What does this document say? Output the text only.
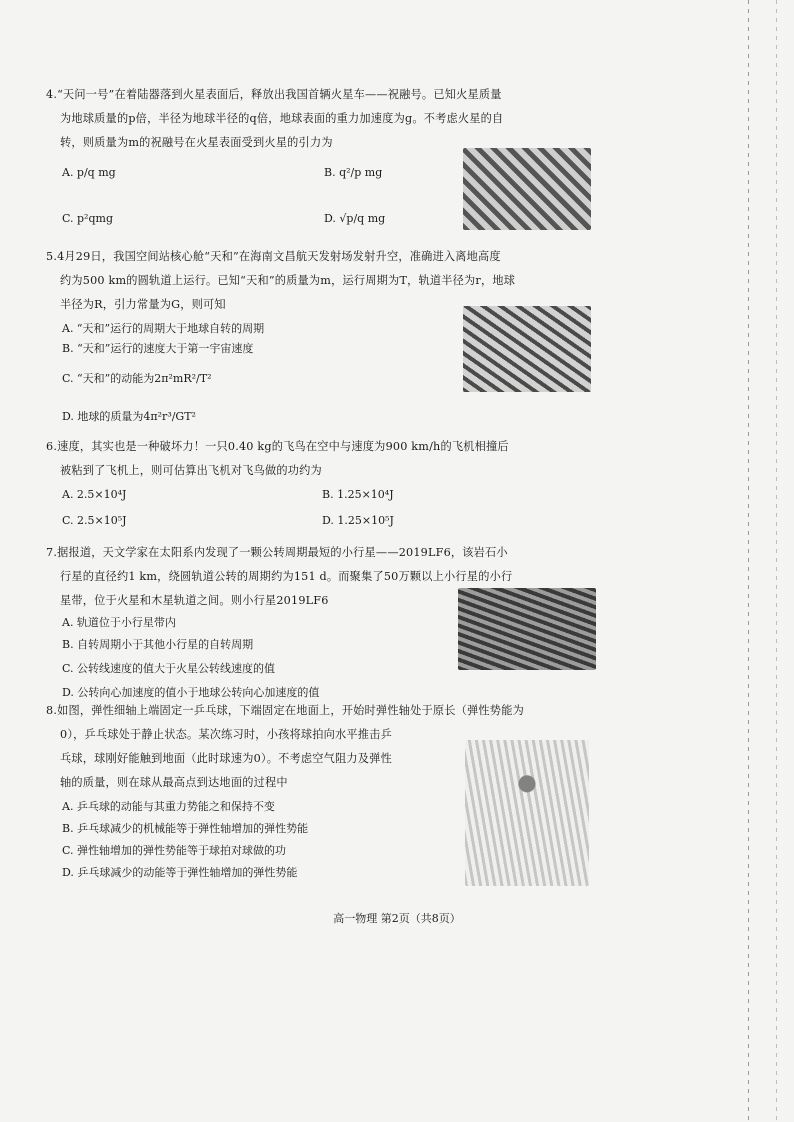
4.“天问一号”在着陆器落到火星表面后，释放出我国首辆火星车——祝融号。已知火星质量
为地球质量的p倍，半径为地球半径的q倍，地球表面的重力加速度为g。不考虑火星的自
转，则质量为m的祝融号在火星表面受到火星的引力为
A. p/q mg	B. q²/p mg
C. p²qmg	D. √p/q mg
5.4月29日，我国空间站核心舱“天和”在海南文昌航天发射场发射升空，准确进入离地高度
约为500 km的圆轨道上运行。已知“天和”的质量为m，运行周期为T，轨道半径为r，地球
半径为R，引力常量为G，则可知
A. “天和”运行的周期大于地球自转的周期
B. “天和”运行的速度大于第一宇宙速度
C. “天和”的动能为2π²mR²/T²
D. 地球的质量为4π²r³/GT²
6.速度，其实也是一种破坏力！一只0.40 kg的飞鸟在空中与速度为900 km/h的飞机相撞后
被粘到了飞机上，则可估算出飞机对飞鸟做的功约为
A. 2.5×10⁴J	B. 1.25×10⁴J
C. 2.5×10⁵J	D. 1.25×10⁵J
7.据报道，天文学家在太阳系内发现了一颗公转周期最短的小行星——2019LF6，该岩石小
行星的直径约1 km，绕圆轨道公转的周期约为151 d。而聚集了50万颗以上小行星的小行
星带，位于火星和木星轨道之间。则小行星2019LF6
A. 轨道位于小行星带内
B. 自转周期小于其他小行星的自转周期
C. 公转线速度的值大于火星公转线速度的值
D. 公转向心加速度的值小于地球公转向心加速度的值
8.如图，弹性细轴上端固定一乒乓球，下端固定在地面上，开始时弹性轴处于原长（弹性势能为
0），乒乓球处于静止状态。某次练习时，小孩将球拍向水平推击乒
乓球，球刚好能触到地面（此时球速为0）。不考虑空气阻力及弹性
轴的质量，则在球从最高点到达地面的过程中
A. 乒乓球的动能与其重力势能之和保持不变
B. 乒乓球减少的机械能等于弹性轴增加的弹性势能
C. 弹性轴增加的弹性势能等于球拍对球做的功
D. 乒乓球减少的动能等于弹性轴增加的弹性势能
高一物理 第2页（共8页）
